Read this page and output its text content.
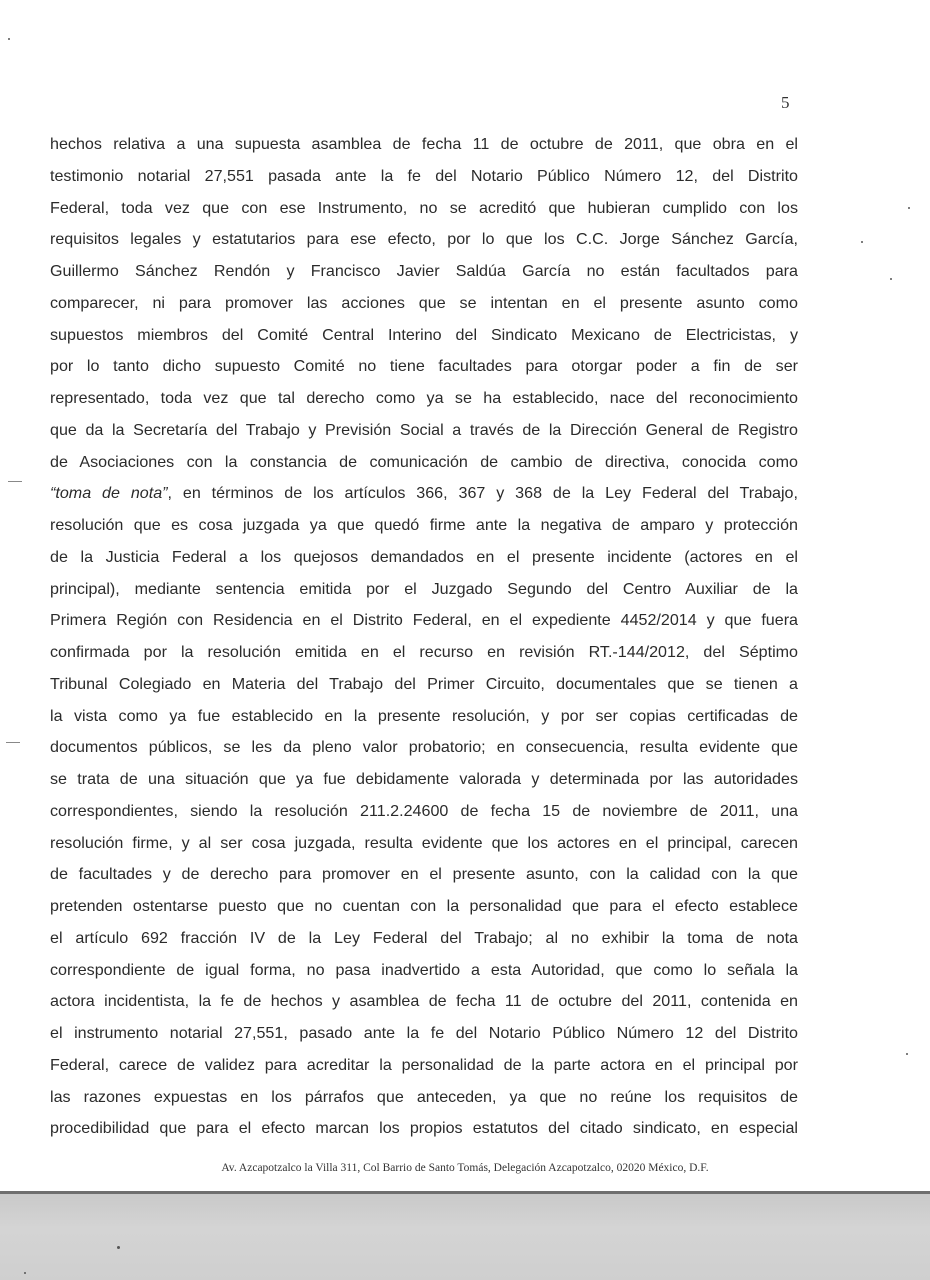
5
hechos relativa a una supuesta asamblea de fecha 11 de octubre de 2011, que obra en el
testimonio notarial 27,551 pasada ante la fe del Notario Público Número 12, del Distrito
Federal, toda vez que con ese Instrumento, no se acreditó que hubieran cumplido con los
requisitos legales y estatutarios para ese efecto, por lo que los C.C. Jorge Sánchez García,
Guillermo Sánchez Rendón y Francisco Javier Saldúa García no están facultados para
comparecer, ni para promover las acciones que se intentan en el presente asunto como
supuestos miembros del Comité Central Interino del Sindicato Mexicano de Electricistas, y
por lo tanto dicho supuesto Comité no tiene facultades para otorgar poder a fin de ser
representado, toda vez que tal derecho como ya se ha establecido, nace del reconocimiento
que da la Secretaría del Trabajo y Previsión Social a través de la Dirección General de Registro
de Asociaciones con la constancia de comunicación de cambio de directiva, conocida como
“toma de nota”, en términos de los artículos 366, 367 y 368 de la Ley Federal del Trabajo,
resolución que es cosa juzgada ya que quedó firme ante la negativa de amparo y protección
de la Justicia Federal a los quejosos demandados en el presente incidente (actores en el
principal), mediante sentencia emitida por el Juzgado Segundo del Centro Auxiliar de la
Primera Región con Residencia en el Distrito Federal, en el expediente 4452/2014 y que fuera
confirmada por la resolución emitida en el recurso en revisión RT.-144/2012, del Séptimo
Tribunal Colegiado en Materia del Trabajo del Primer Circuito, documentales que se tienen a
la vista como ya fue establecido en la presente resolución, y por ser copias certificadas de
documentos públicos, se les da pleno valor probatorio; en consecuencia, resulta evidente que
se trata de una situación que ya fue debidamente valorada y determinada por las autoridades
correspondientes, siendo la resolución 211.2.24600 de fecha 15 de noviembre de 2011, una
resolución firme, y al ser cosa juzgada, resulta evidente que los actores en el principal, carecen
de facultades y de derecho para promover en el presente asunto, con la calidad con la que
pretenden ostentarse puesto que no cuentan con la personalidad que para el efecto establece
el artículo 692 fracción IV de la Ley Federal del Trabajo; al no exhibir la toma de nota
correspondiente de igual forma, no pasa inadvertido a esta Autoridad, que como lo señala la
actora incidentista, la fe de hechos y asamblea de fecha 11 de octubre del 2011, contenida en
el instrumento notarial 27,551, pasado ante la fe del Notario Público Número 12 del Distrito
Federal, carece de validez para acreditar la personalidad de la parte actora en el principal por
las razones expuestas en los párrafos que anteceden, ya que no reúne los requisitos de
procedibilidad que para el efecto marcan los propios estatutos del citado sindicato, en especial
Av. Azcapotzalco la Villa 311, Col Barrio de Santo Tomás, Delegación Azcapotzalco, 02020 México, D.F.
